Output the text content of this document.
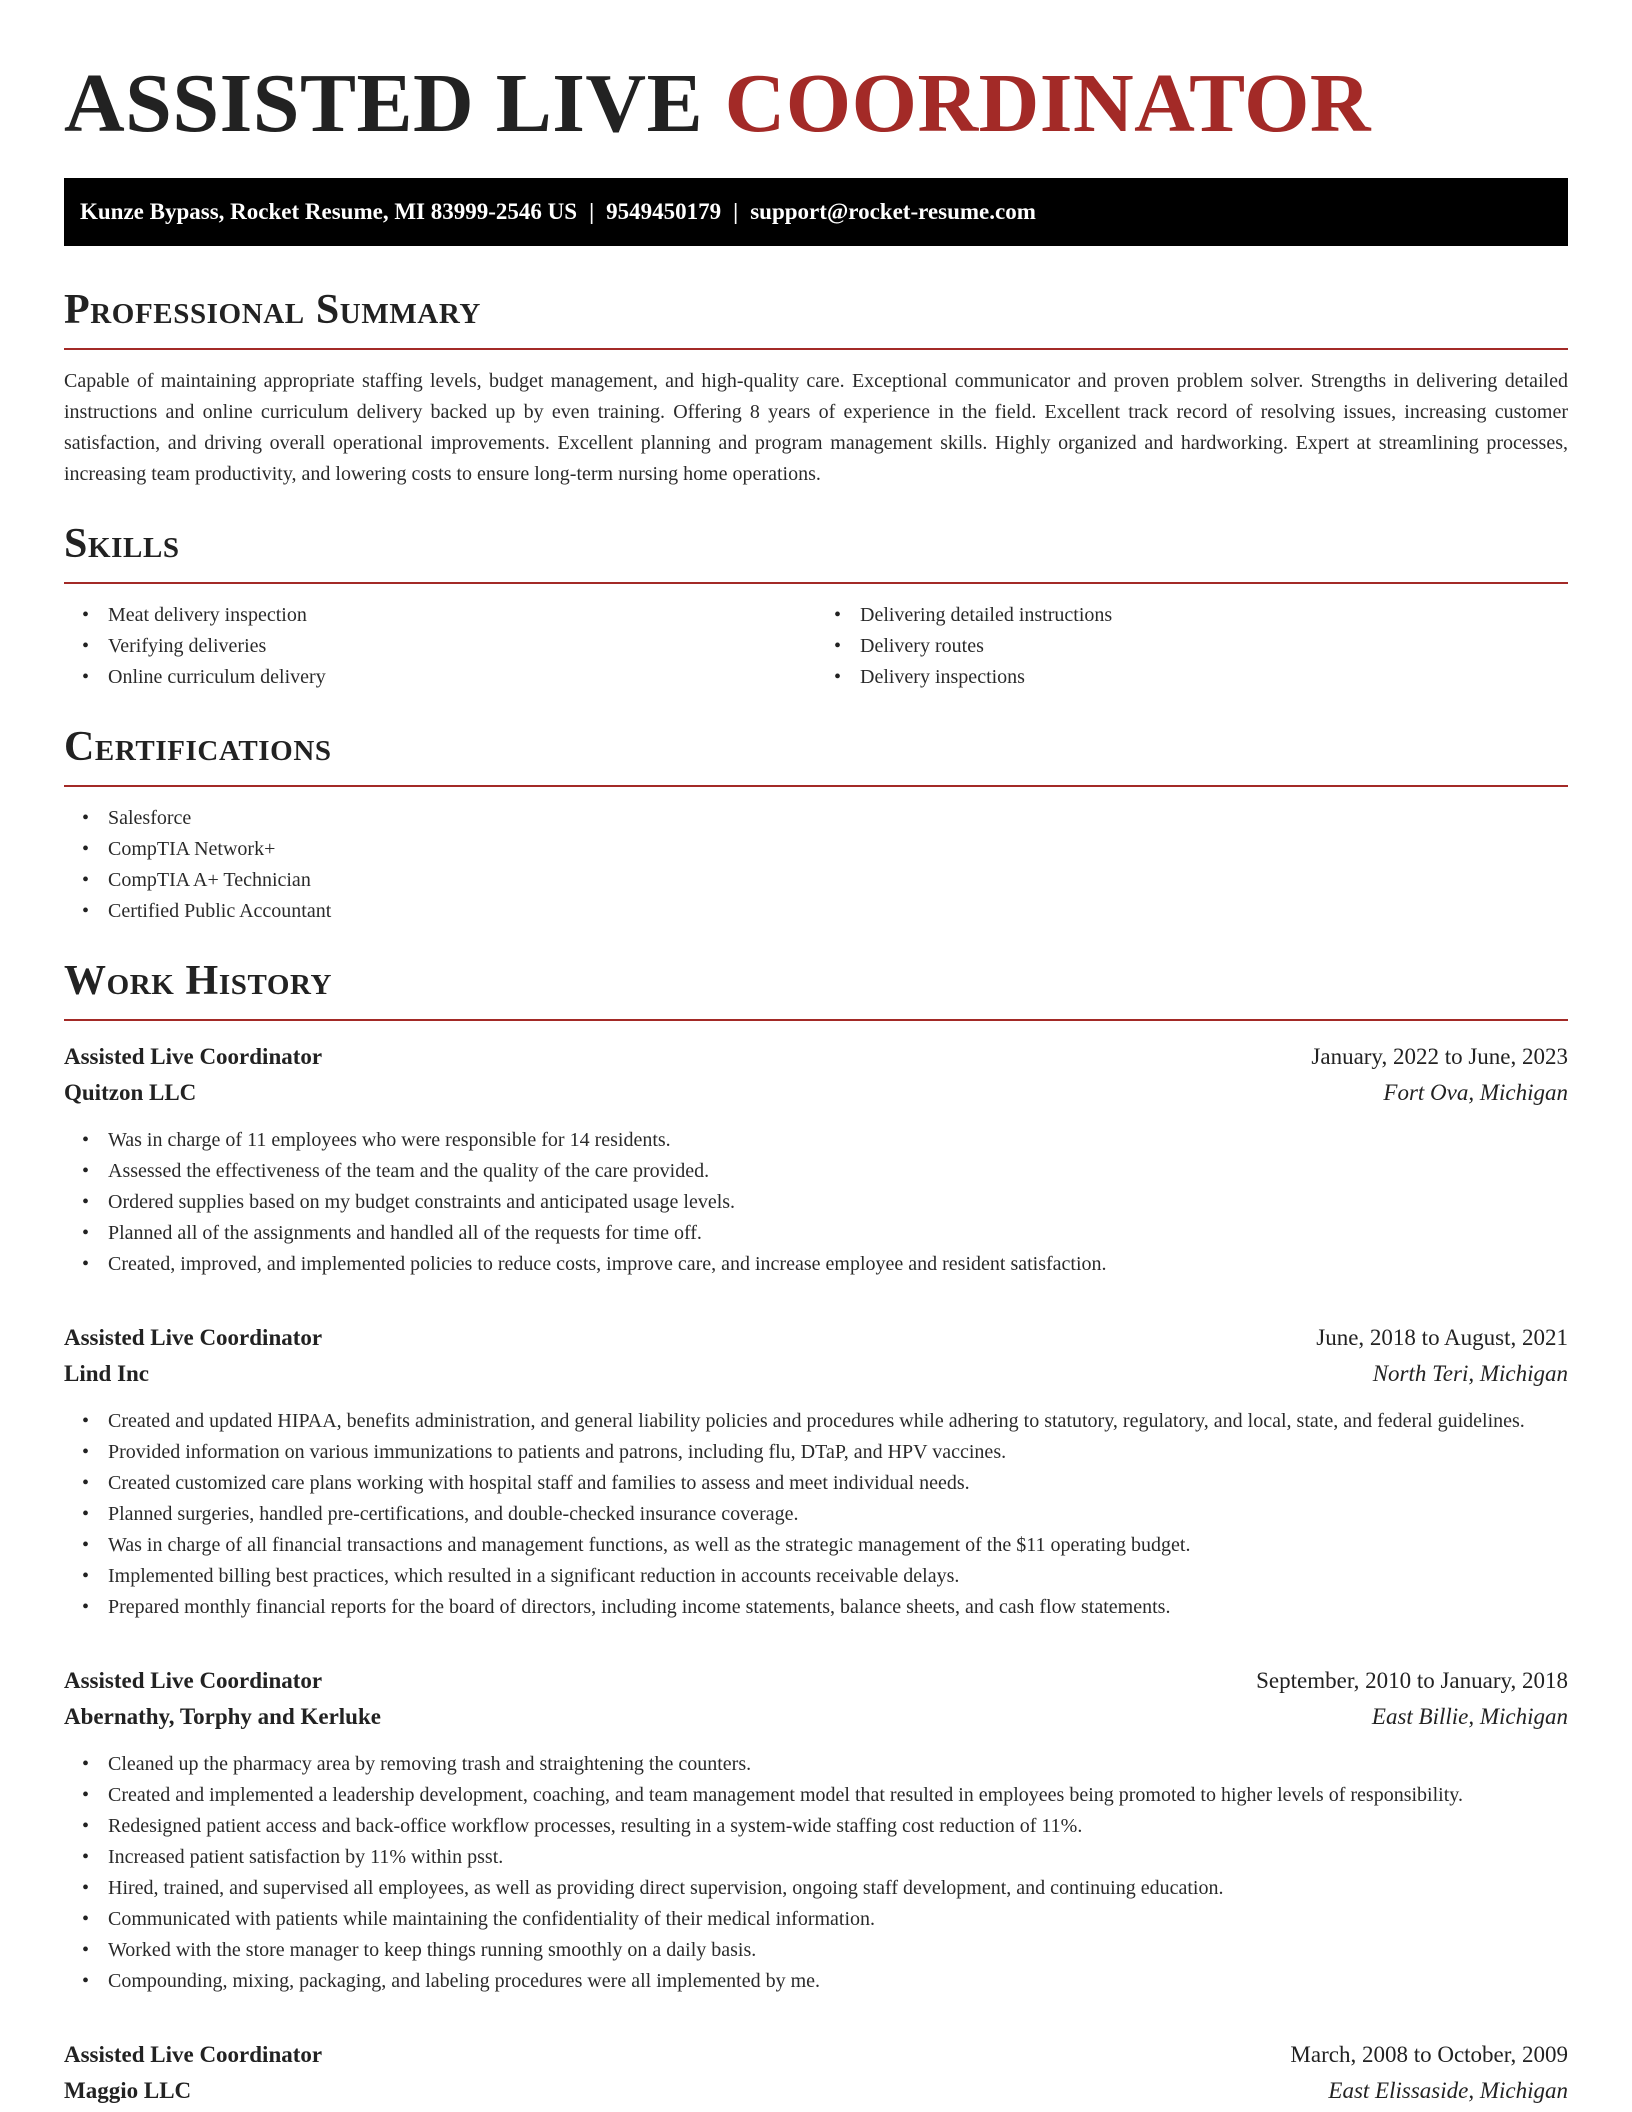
ASSISTED LIVE COORDINATOR
Kunze Bypass, Rocket Resume, MI 83999-2546 US | 9549450179 | support@rocket-resume.com
Professional Summary

Capable of maintaining appropriate staffing levels, budget management, and high-quality care. Exceptional communicator and proven problem solver. Strengths in delivering detailed instructions and online curriculum delivery backed up by even training. Offering 8 years of experience in the field. Excellent track record of resolving issues, increasing customer satisfaction, and driving overall operational improvements. Excellent planning and program management skills. Highly organized and hardworking. Expert at streamlining processes, increasing team productivity, and lowering costs to ensure long-term nursing home operations.

Skills
• Meat delivery inspection
• Verifying deliveries
• Online curriculum delivery
• Delivering detailed instructions
• Delivery routes
• Delivery inspections
Certifications
• Salesforce
• CompTIA Network+
• CompTIA A+ Technician
• Certified Public Accountant
Work History
Assisted Live Coordinator	January, 2022 to June, 2023
Quitzon LLC	Fort Ova, Michigan
• Was in charge of 11 employees who were responsible for 14 residents.
• Assessed the effectiveness of the team and the quality of the care provided.
• Ordered supplies based on my budget constraints and anticipated usage levels.
• Planned all of the assignments and handled all of the requests for time off.
• Created, improved, and implemented policies to reduce costs, improve care, and increase employee and resident satisfaction.
Assisted Live Coordinator	June, 2018 to August, 2021
Lind Inc	North Teri, Michigan
• Created and updated HIPAA, benefits administration, and general liability policies and procedures while adhering to statutory, regulatory, and local, state, and federal guidelines.
• Provided information on various immunizations to patients and patrons, including flu, DTaP, and HPV vaccines.
• Created customized care plans working with hospital staff and families to assess and meet individual needs.
• Planned surgeries, handled pre-certifications, and double-checked insurance coverage.
• Was in charge of all financial transactions and management functions, as well as the strategic management of the $11 operating budget.
• Implemented billing best practices, which resulted in a significant reduction in accounts receivable delays.
• Prepared monthly financial reports for the board of directors, including income statements, balance sheets, and cash flow statements.
Assisted Live Coordinator	September, 2010 to January, 2018
Abernathy, Torphy and Kerluke	East Billie, Michigan
• Cleaned up the pharmacy area by removing trash and straightening the counters.
• Created and implemented a leadership development, coaching, and team management model that resulted in employees being promoted to higher levels of responsibility.
• Redesigned patient access and back-office workflow processes, resulting in a system-wide staffing cost reduction of 11%.
• Increased patient satisfaction by 11% within psst.
• Hired, trained, and supervised all employees, as well as providing direct supervision, ongoing staff development, and continuing education.
• Communicated with patients while maintaining the confidentiality of their medical information.
• Worked with the store manager to keep things running smoothly on a daily basis.
• Compounding, mixing, packaging, and labeling procedures were all implemented by me.
Assisted Live Coordinator	March, 2008 to October, 2009
Maggio LLC	East Elissaside, Michigan
